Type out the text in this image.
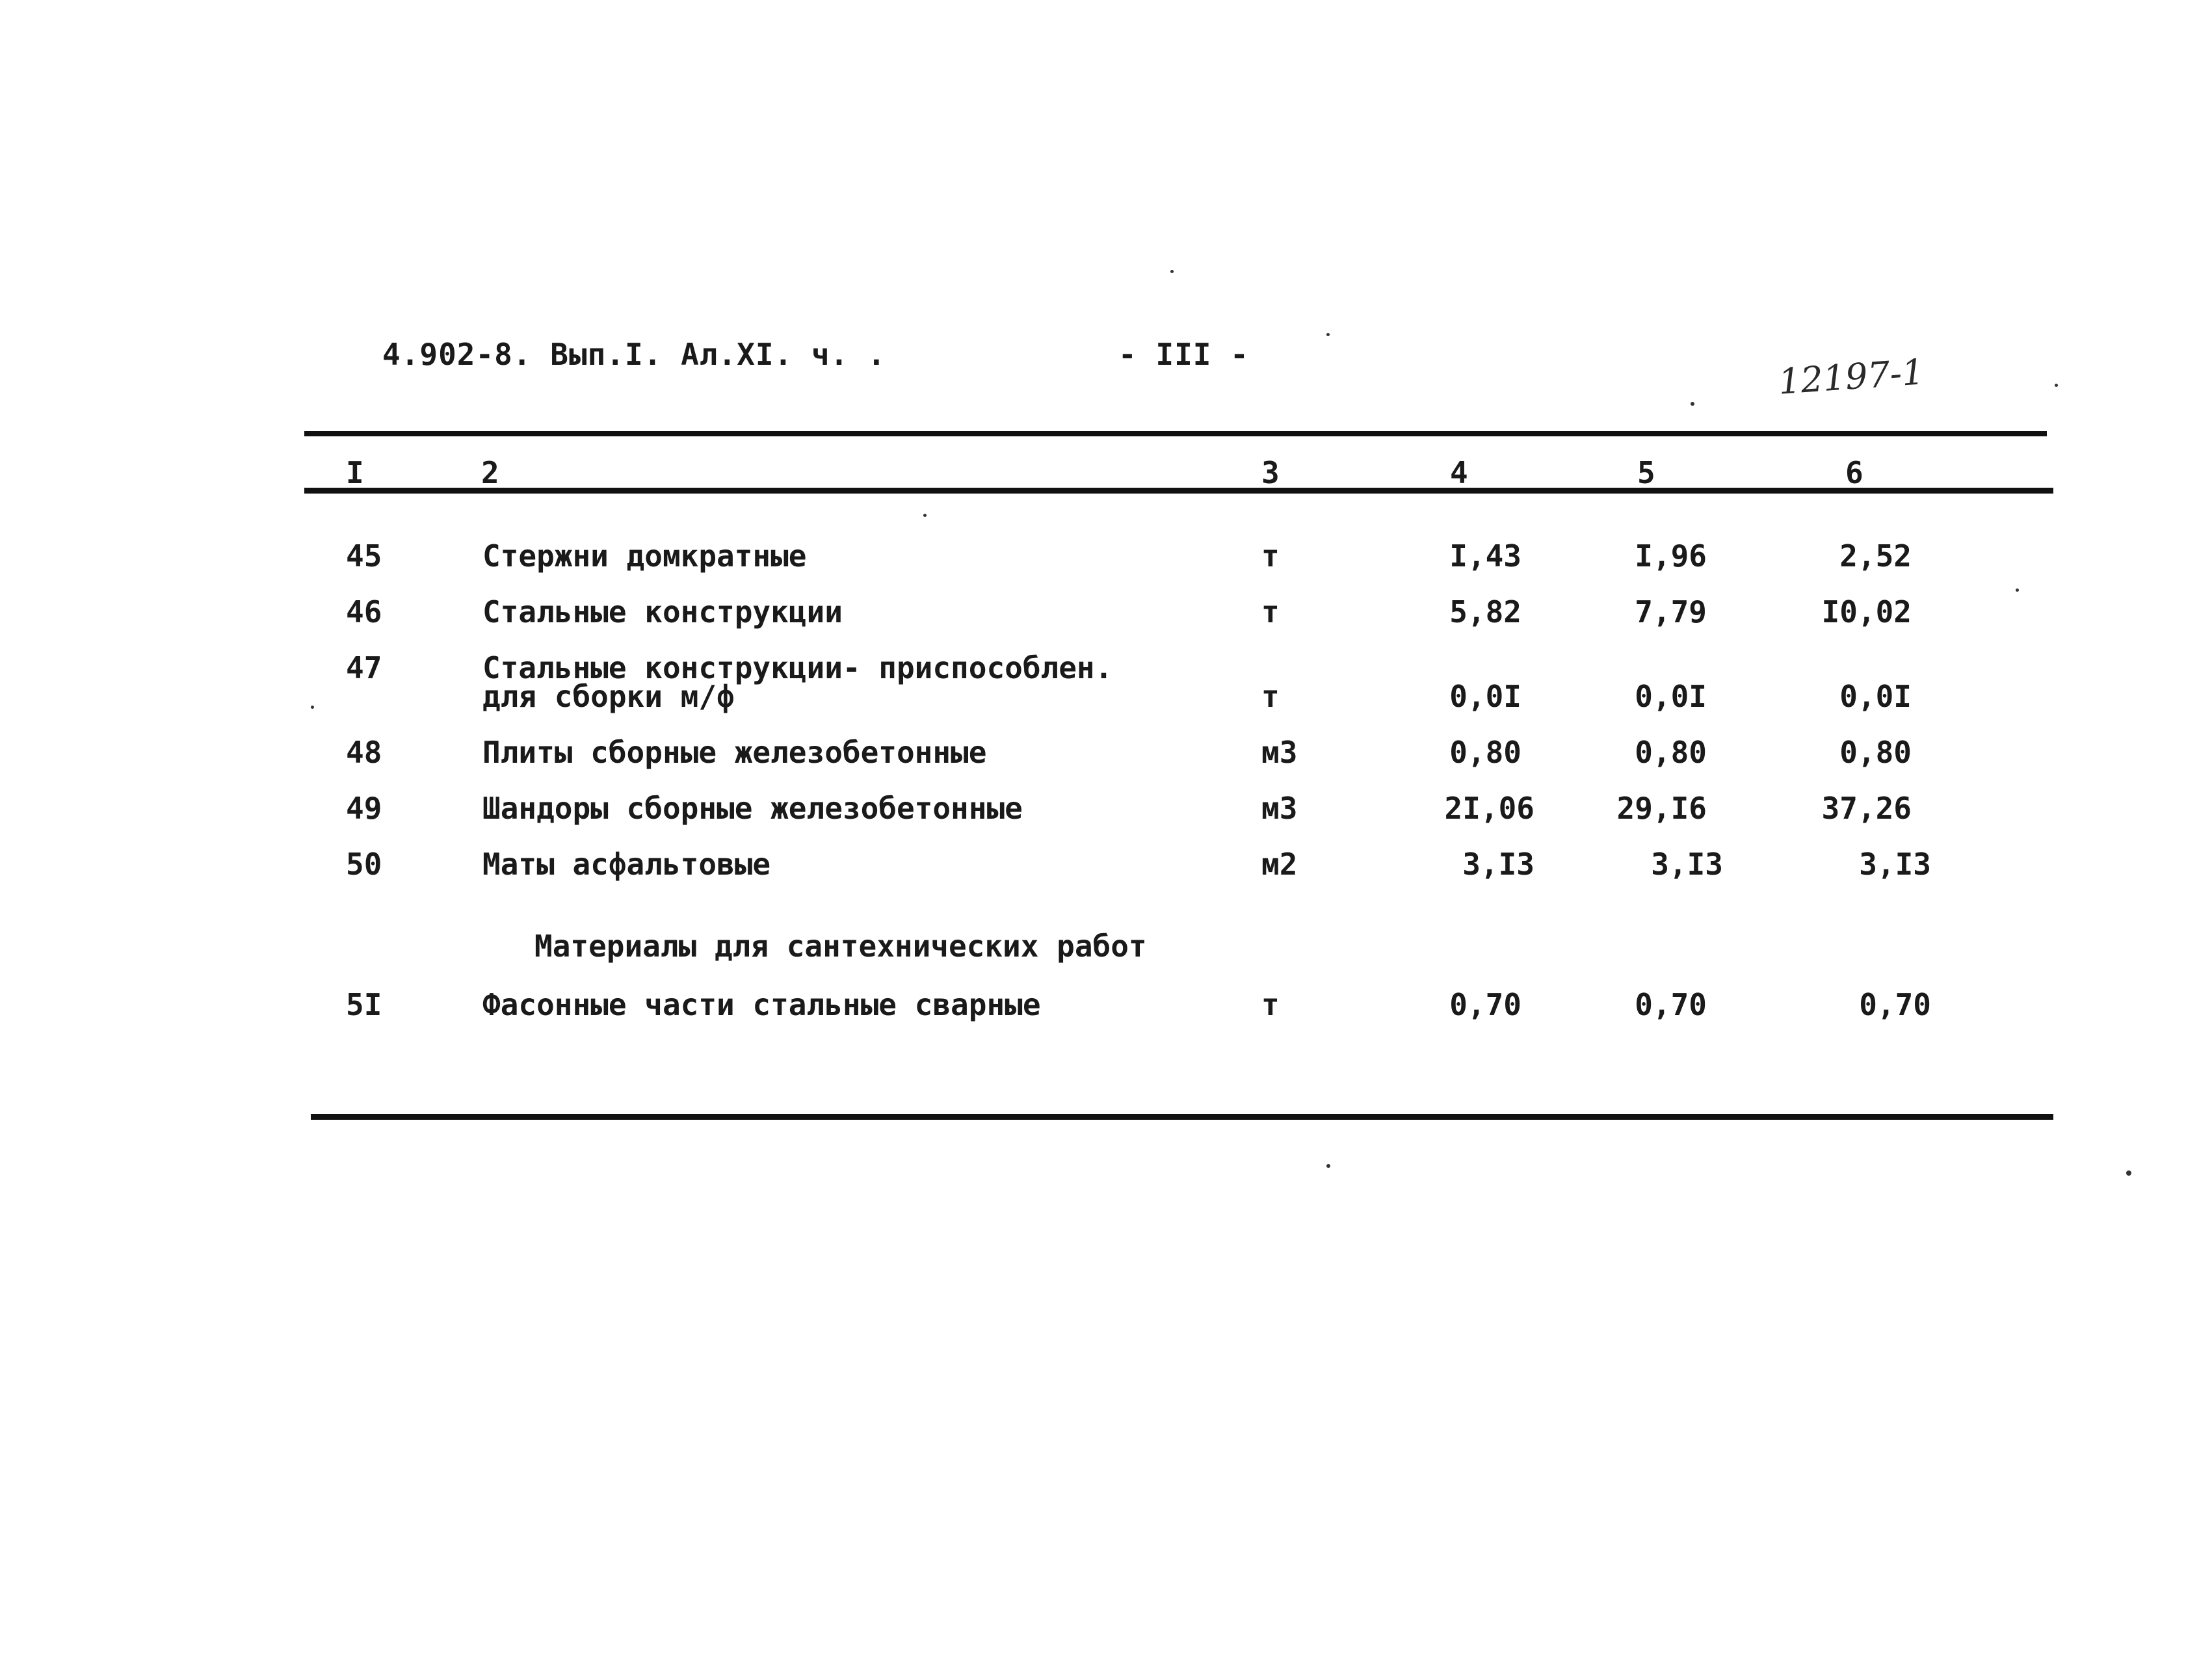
4.902-8. Вып.I. Ал.XI. ч. .	- III -	12197-1
I	2	3	4	5	6
45	Стержни домкратные	т	I,43	I,96	2,52
46	Стальные конструкции	т	5,82	7,79	I0,02
47	Стальные конструкции- приспособлен.
для сборки м/ф	т	0,0I	0,0I	0,0I
48	Плиты сборные железобетонные	м3	0,80	0,80	0,80
49	Шандоры сборные железобетонные	м3	2I,06	29,I6	37,26
50	Маты асфальтовые	м2	3,I3	3,I3	3,I3
Материалы для сантехнических работ
5I	Фасонные части стальные сварные	т	0,70	0,70	0,70
